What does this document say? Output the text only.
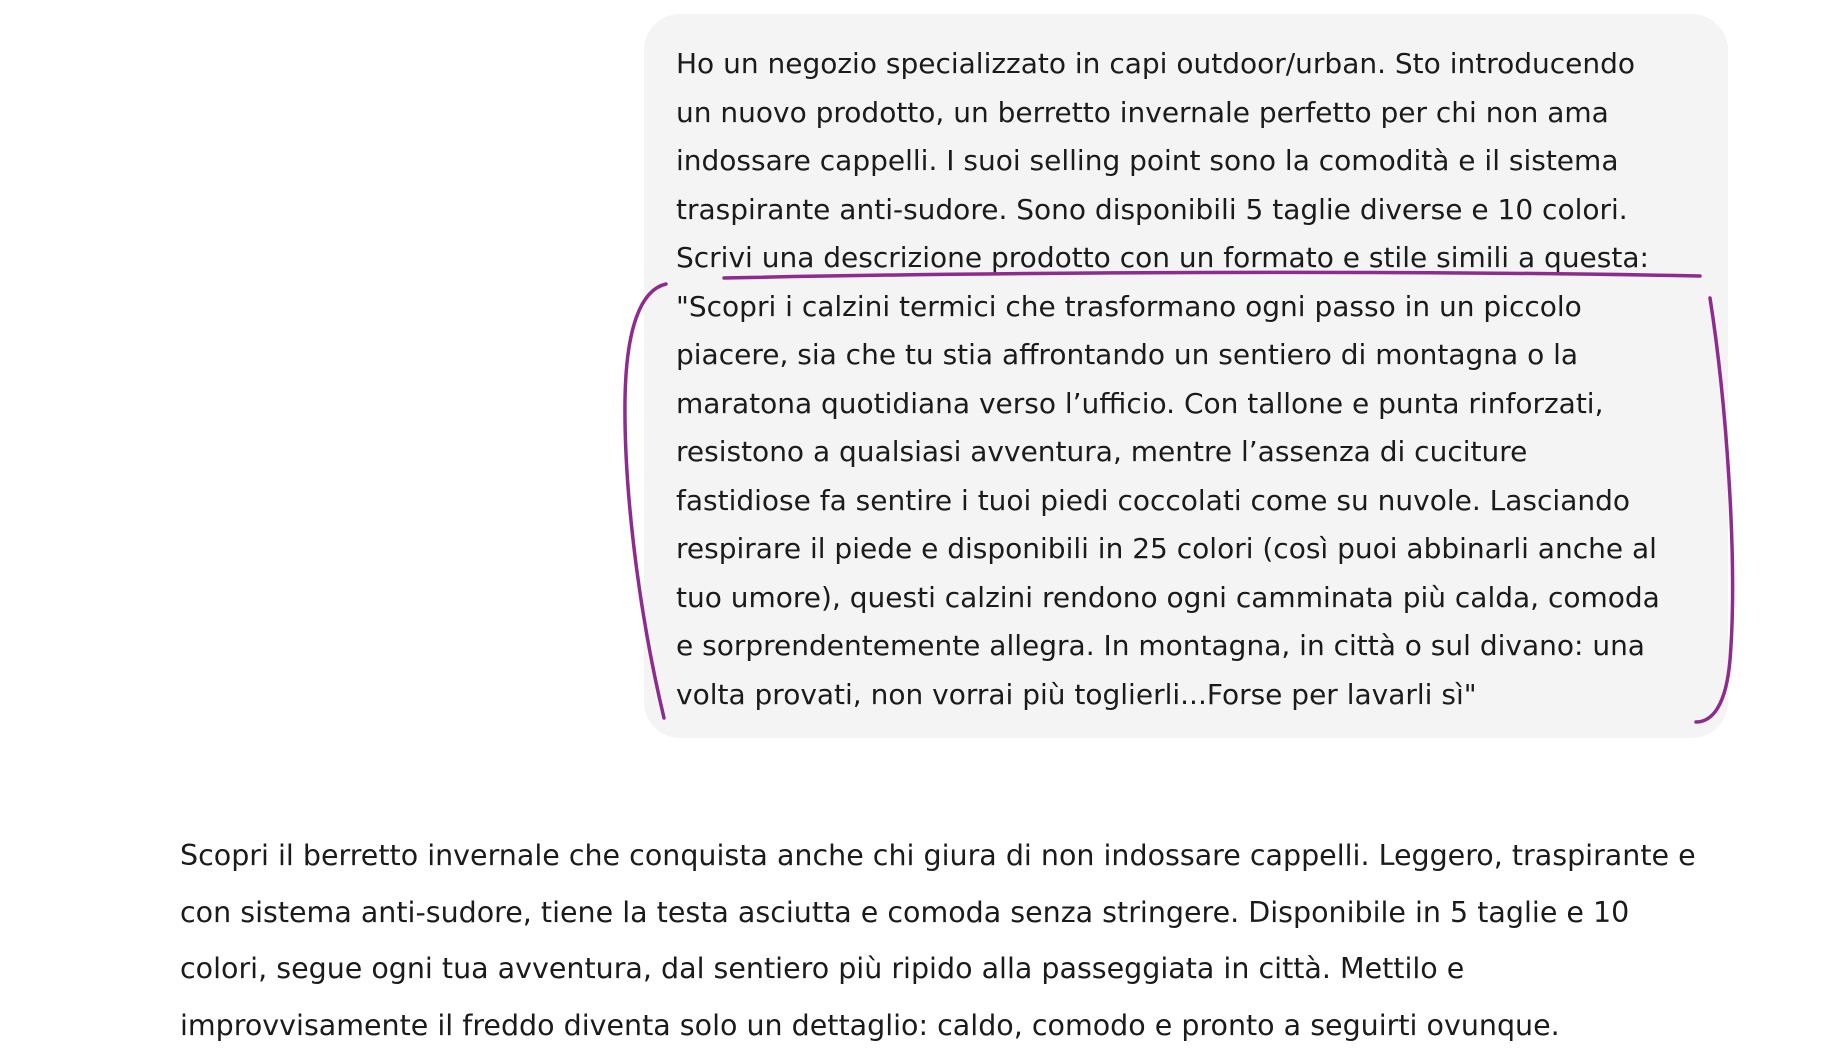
Ho un negozio specializzato in capi outdoor/urban. Sto introducendo
un nuovo prodotto, un berretto invernale perfetto per chi non ama
indossare cappelli. I suoi selling point sono la comodità e il sistema
traspirante anti-sudore. Sono disponibili 5 taglie diverse e 10 colori.
Scrivi una descrizione prodotto con un formato e stile simili a questa:
"Scopri i calzini termici che trasformano ogni passo in un piccolo
piacere, sia che tu stia affrontando un sentiero di montagna o la
maratona quotidiana verso l’ufficio. Con tallone e punta rinforzati,
resistono a qualsiasi avventura, mentre l’assenza di cuciture
fastidiose fa sentire i tuoi piedi coccolati come su nuvole. Lasciando
respirare il piede e disponibili in 25 colori (così puoi abbinarli anche al
tuo umore), questi calzini rendono ogni camminata più calda, comoda
e sorprendentemente allegra. In montagna, in città o sul divano: una
volta provati, non vorrai più toglierli...Forse per lavarli sì"

Scopri il berretto invernale che conquista anche chi giura di non indossare cappelli. Leggero, traspirante e
con sistema anti-sudore, tiene la testa asciutta e comoda senza stringere. Disponibile in 5 taglie e 10
colori, segue ogni tua avventura, dal sentiero più ripido alla passeggiata in città. Mettilo e
improvvisamente il freddo diventa solo un dettaglio: caldo, comodo e pronto a seguirti ovunque.
